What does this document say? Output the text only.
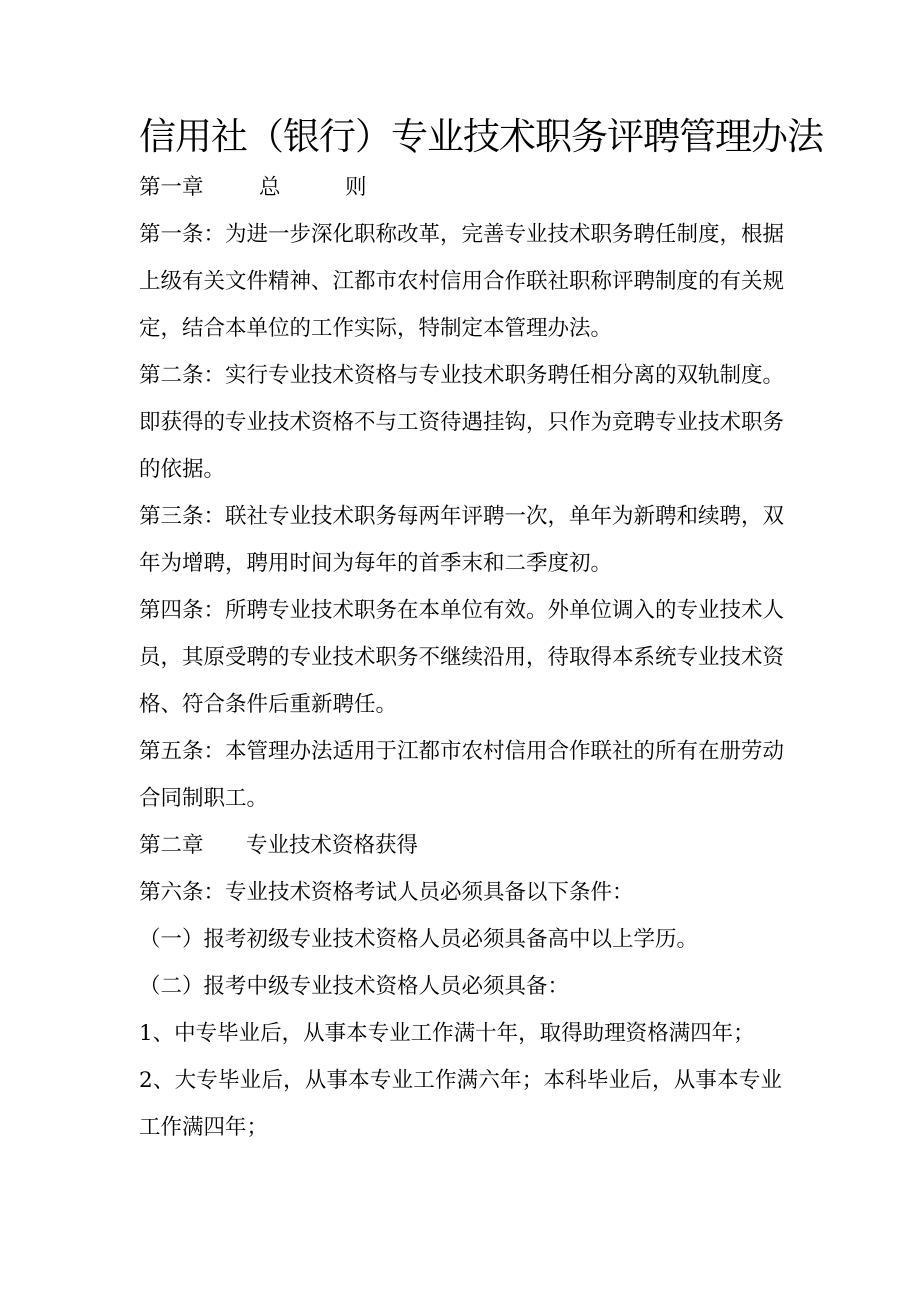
信用社（银行）专业技术职务评聘管理办法

第一章	总	则

第一条：为进一步深化职称改革，完善专业技术职务聘任制度，根据

上级有关文件精神、江都市农村信用合作联社职称评聘制度的有关规

定，结合本单位的工作实际，特制定本管理办法。

第二条：实行专业技术资格与专业技术职务聘任相分离的双轨制度。

即获得的专业技术资格不与工资待遇挂钩，只作为竞聘专业技术职务

的依据。

第三条：联社专业技术职务每两年评聘一次，单年为新聘和续聘，双

年为增聘，聘用时间为每年的首季末和二季度初。

第四条：所聘专业技术职务在本单位有效。外单位调入的专业技术人

员，其原受聘的专业技术职务不继续沿用，待取得本系统专业技术资

格、符合条件后重新聘任。

第五条：本管理办法适用于江都市农村信用合作联社的所有在册劳动

合同制职工。

第二章 专业技术资格获得

第六条：专业技术资格考试人员必须具备以下条件：

（一）报考初级专业技术资格人员必须具备高中以上学历。

（二）报考中级专业技术资格人员必须具备：

1、中专毕业后，从事本专业工作满十年，取得助理资格满四年；

2、大专毕业后，从事本专业工作满六年；本科毕业后，从事本专业

工作满四年；
